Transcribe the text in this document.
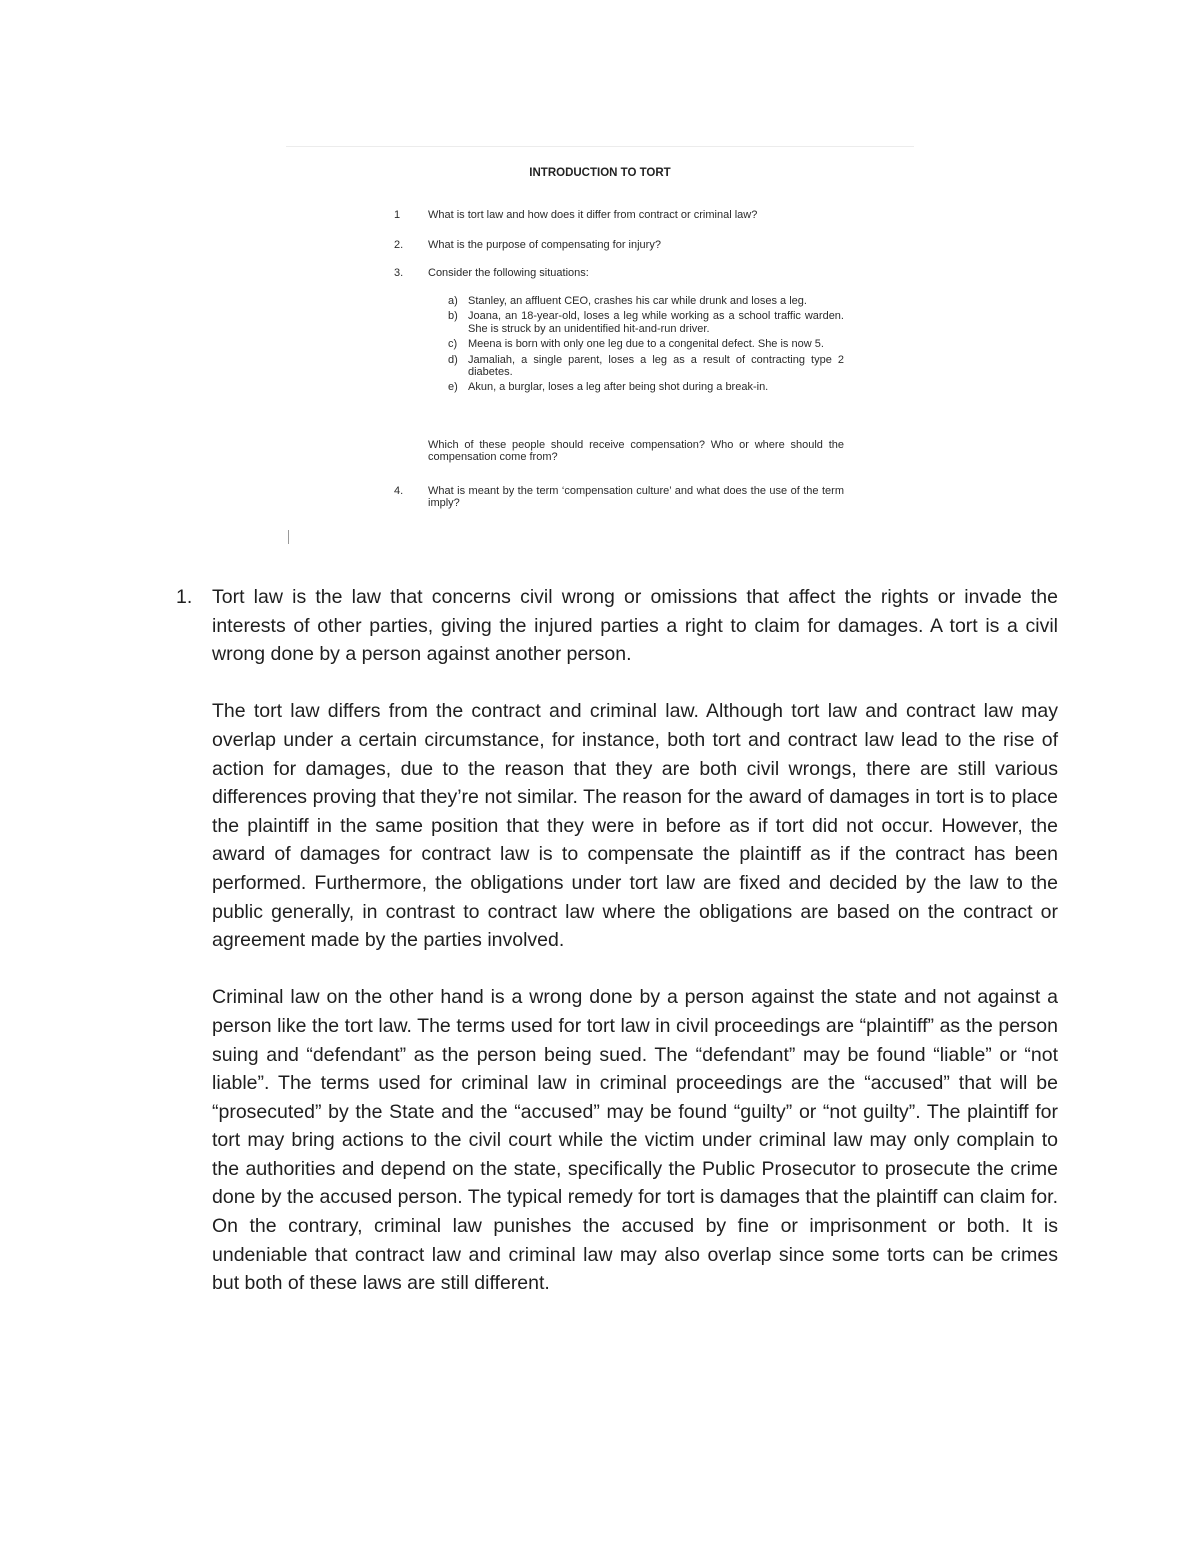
INTRODUCTION TO TORT
1	What is tort law and how does it differ from contract or criminal law?
2. What is the purpose of compensating for injury?
3. Consider the following situations:
a) Stanley, an affluent CEO, crashes his car while drunk and loses a leg.
b) Joana, an 18-year-old, loses a leg while working as a school traffic warden. She is struck by an unidentified hit-and-run driver.
c) Meena is born with only one leg due to a congenital defect. She is now 5.
d) Jamaliah, a single parent, loses a leg as a result of contracting type 2 diabetes.
e) Akun, a burglar, loses a leg after being shot during a break-in.
Which of these people should receive compensation? Who or where should the compensation come from?
4. What is meant by the term ‘compensation culture’ and what does the use of the term imply?
1. Tort law is the law that concerns civil wrong or omissions that affect the rights or invade the interests of other parties, giving the injured parties a right to claim for damages. A tort is a civil wrong done by a person against another person.

The tort law differs from the contract and criminal law. Although tort law and contract law may overlap under a certain circumstance, for instance, both tort and contract law lead to the rise of action for damages, due to the reason that they are both civil wrongs, there are still various differences proving that they’re not similar. The reason for the award of damages in tort is to place the plaintiff in the same position that they were in before as if tort did not occur. However, the award of damages for contract law is to compensate the plaintiff as if the contract has been performed. Furthermore, the obligations under tort law are fixed and decided by the law to the public generally, in contrast to contract law where the obligations are based on the contract or agreement made by the parties involved.

Criminal law on the other hand is a wrong done by a person against the state and not against a person like the tort law. The terms used for tort law in civil proceedings are “plaintiff” as the person suing and “defendant” as the person being sued. The “defendant” may be found “liable” or “not liable”. The terms used for criminal law in criminal proceedings are the “accused” that will be “prosecuted” by the State and the “accused” may be found “guilty” or “not guilty”. The plaintiff for tort may bring actions to the civil court while the victim under criminal law may only complain to the authorities and depend on the state, specifically the Public Prosecutor to prosecute the crime done by the accused person. The typical remedy for tort is damages that the plaintiff can claim for. On the contrary, criminal law punishes the accused by fine or imprisonment or both. It is undeniable that contract law and criminal law may also overlap since some torts can be crimes but both of these laws are still different.
